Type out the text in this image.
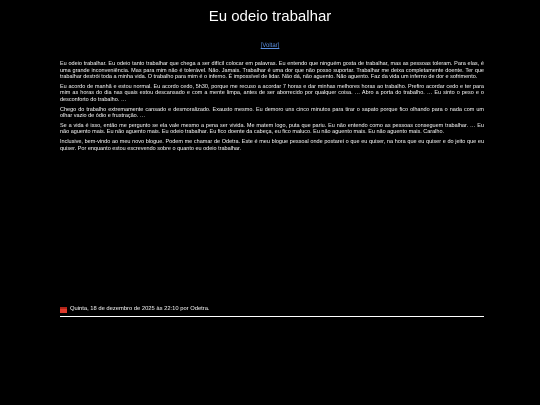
Eu odeio trabalhar
[Voltar]

Eu odeio trabalhar. Eu odeio tanto trabalhar que chega a ser difícil colocar em palavras. Eu entendo que ninguém gosta de trabalhar, mas as pessoas toleram. Para elas, é uma grande inconveniência. Mas para mim não é tolerável. Não. Jamais. Trabalhar é uma dor que não posso suportar. Trabalhar me deixa completamente doente. Ter que trabalhar destrói toda a minha vida. O trabalho para mim é o inferno. É impossível de lidar. Não dá, não aguento. Não aguento. Faz da vida um inferno de dor e sofrimento.

Eu acordo de manhã e estou normal. Eu acordo cedo, 5h30, porque me recuso a acordar 7 horas e dar minhas melhores horas ao trabalho. Prefiro acordar cedo e ter para mim as horas do dia nas quais estou descansado e com a mente limpa, antes de ser aborrecido por qualquer coisa. … Abro a porta do trabalho. … Eu sinto o peso e o desconforto do trabalho. …

Chego do trabalho extremamente cansado e desmoralizado. Exausto mesmo. Eu demoro uns cinco minutos para tirar o sapato porque fico olhando para o nada com um olhar vazio de ódio e frustração. …

Se a vida é isso, então me pergunto se ela vale mesmo a pena ser vivida. Me matem logo, puta que pariu. Eu não entendo como as pessoas conseguem trabalhar. … Eu não aguento mais. Eu não aguento mais. Eu odeio trabalhar. Eu fico doente da cabeça, eu fico maluco. Eu não aguento mais. Eu não aguento mais. Caralho.

Inclusive, bem-vindo ao meu novo blogue. Podem me chamar de Odetra. Este é meu blogue pessoal onde postarei o que eu quiser, na hora que eu quiser e do jeito que eu quiser. Por enquanto estou escrevendo sobre o quanto eu odeio trabalhar.

Quinta, 18 de dezembro de 2025 às 22:10 por Odetra.
